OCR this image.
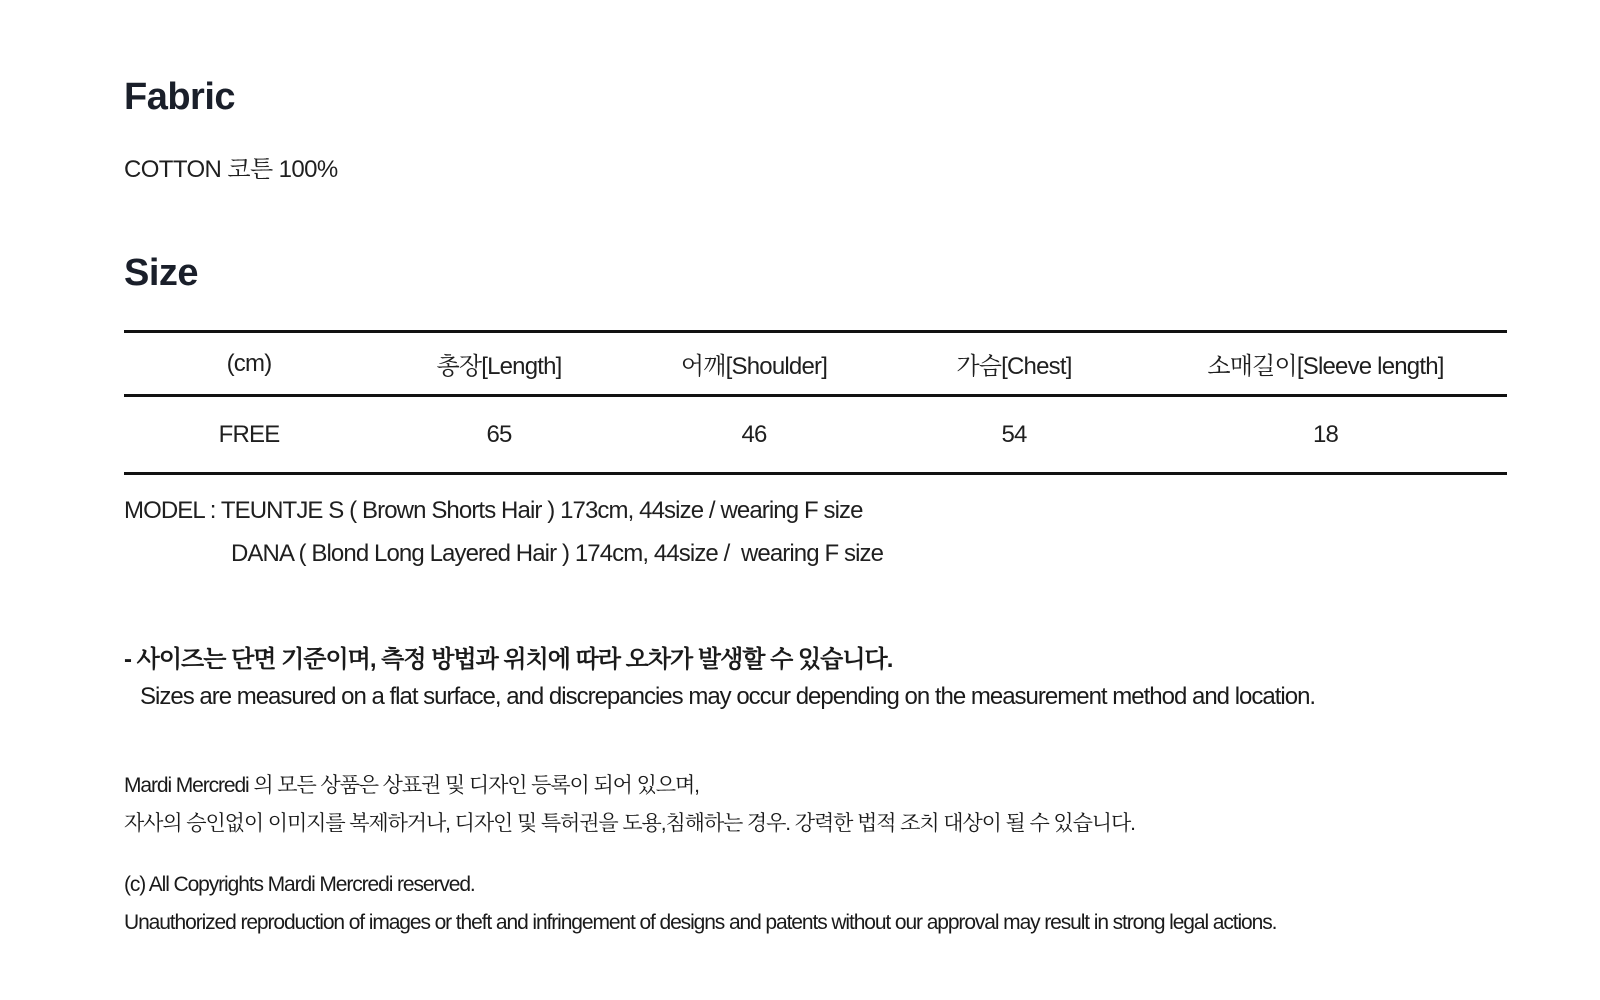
Fabric
COTTON 코튼 100%
Size
(cm)	총장[Length]	어깨[Shoulder]	가슴[Chest]	소매길이[Sleeve length]
FREE	65	46	54	18
MODEL : TEUNTJE S ( Brown Shorts Hair ) 173cm, 44size / wearing F size
DANA ( Blond Long Layered Hair ) 174cm, 44size /  wearing F size
- 사이즈는 단면 기준이며, 측정 방법과 위치에 따라 오차가 발생할 수 있습니다.
Sizes are measured on a flat surface, and discrepancies may occur depending on the measurement method and location.
Mardi Mercredi 의 모든 상품은 상표권 및 디자인 등록이 되어 있으며,
자사의 승인없이 이미지를 복제하거나, 디자인 및 특허권을 도용,침해하는 경우. 강력한 법적 조치 대상이 될 수 있습니다.
(c) All Copyrights Mardi Mercredi reserved.
Unauthorized reproduction of images or theft and infringement of designs and patents without our approval may result in strong legal actions.
